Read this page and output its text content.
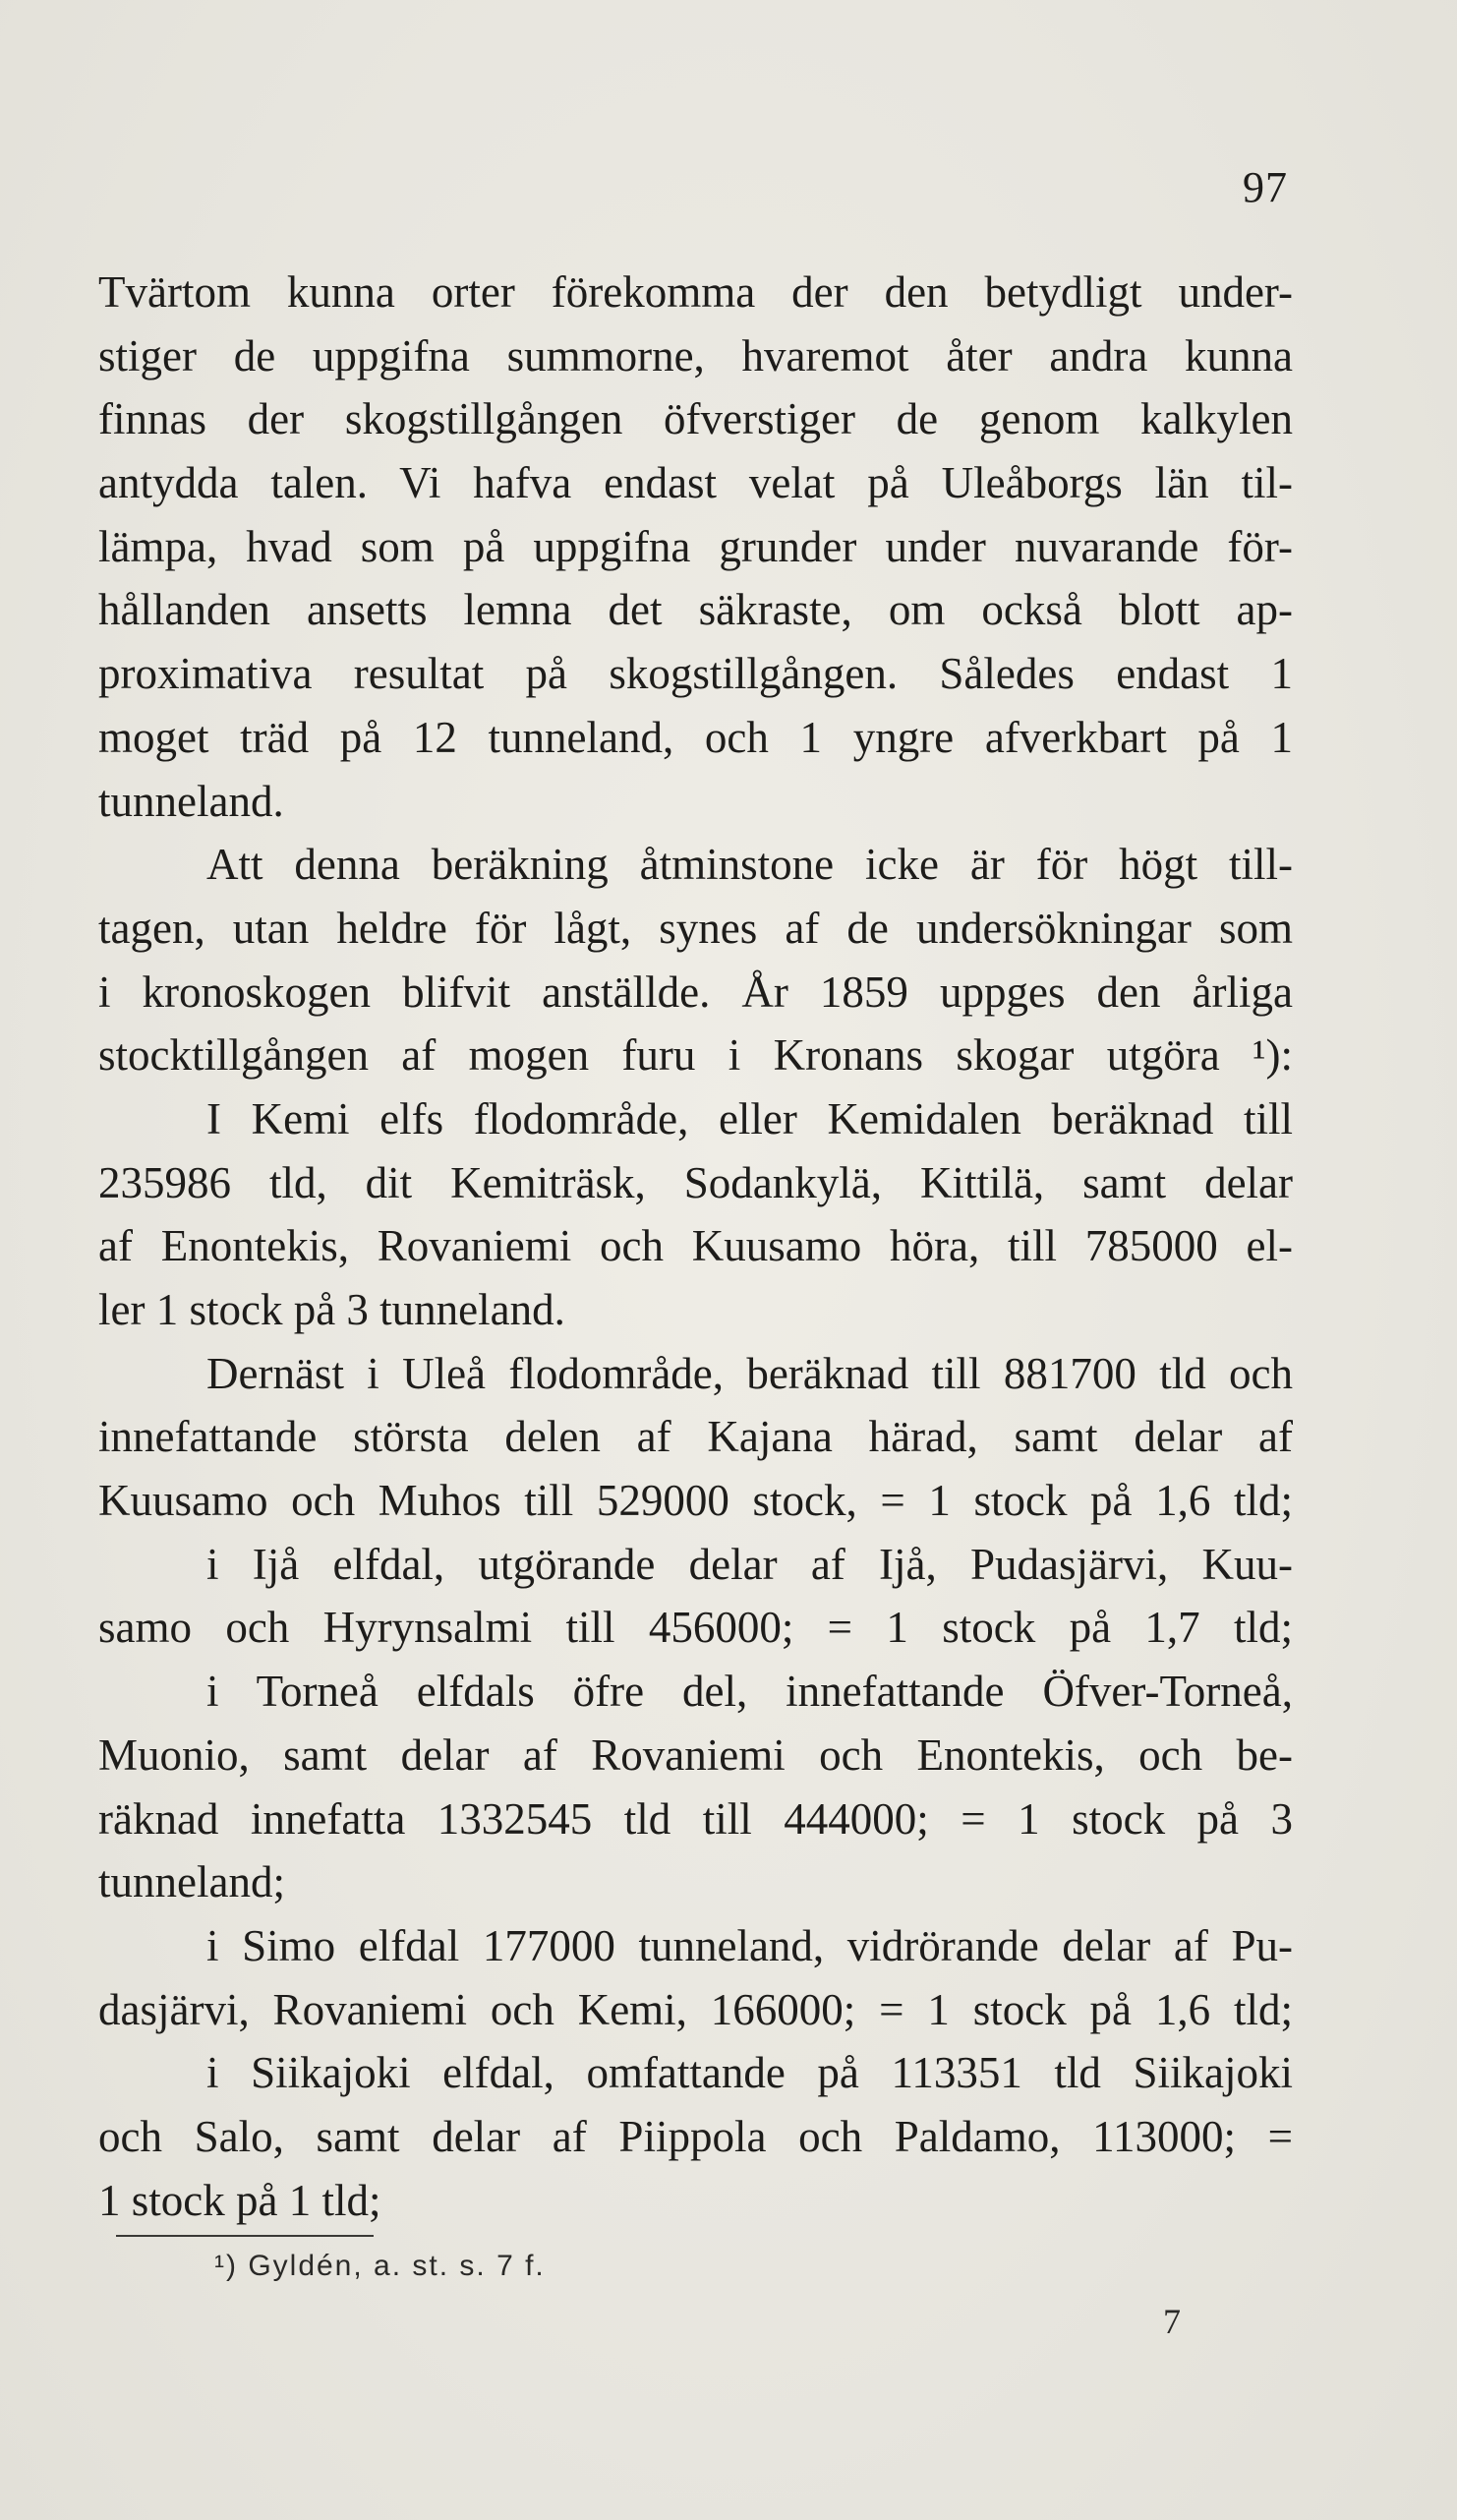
97
Tvärtom kunna orter förekomma der den betydligt under-
stiger de uppgifna summorne, hvaremot åter andra kunna
finnas der skogstillgången öfverstiger de genom kalkylen
antydda talen. Vi hafva endast velat på Uleåborgs län til-
lämpa, hvad som på uppgifna grunder under nuvarande för-
hållanden ansetts lemna det säkraste, om också blott ap-
proximativa resultat på skogstillgången. Således endast 1
moget träd på 12 tunneland, och 1 yngre afverkbart på 1
tunneland.
Att denna beräkning åtminstone icke är för högt till-
tagen, utan heldre för lågt, synes af de undersökningar som
i kronoskogen blifvit anställde. År 1859 uppges den årliga
stocktillgången af mogen furu i Kronans skogar utgöra ¹):
I Kemi elfs flodområde, eller Kemidalen beräknad till
235986 tld, dit Kemiträsk, Sodankylä, Kittilä, samt delar
af Enontekis, Rovaniemi och Kuusamo höra, till 785000 el-
ler 1 stock på 3 tunneland.
Dernäst i Uleå flodområde, beräknad till 881700 tld och
innefattande största delen af Kajana härad, samt delar af
Kuusamo och Muhos till 529000 stock, = 1 stock på 1,6 tld;
i Ijå elfdal, utgörande delar af Ijå, Pudasjärvi, Kuu-
samo och Hyrynsalmi till 456000; = 1 stock på 1,7 tld;
i Torneå elfdals öfre del, innefattande Öfver-Torneå,
Muonio, samt delar af Rovaniemi och Enontekis, och be-
räknad innefatta 1332545 tld till 444000; = 1 stock på 3
tunneland;
i Simo elfdal 177000 tunneland, vidrörande delar af Pu-
dasjärvi, Rovaniemi och Kemi, 166000; = 1 stock på 1,6 tld;
i Siikajoki elfdal, omfattande på 113351 tld Siikajoki
och Salo, samt delar af Piippola och Paldamo, 113000; =
1 stock på 1 tld;
¹) Gyldén, a. st. s. 7 f.
7
